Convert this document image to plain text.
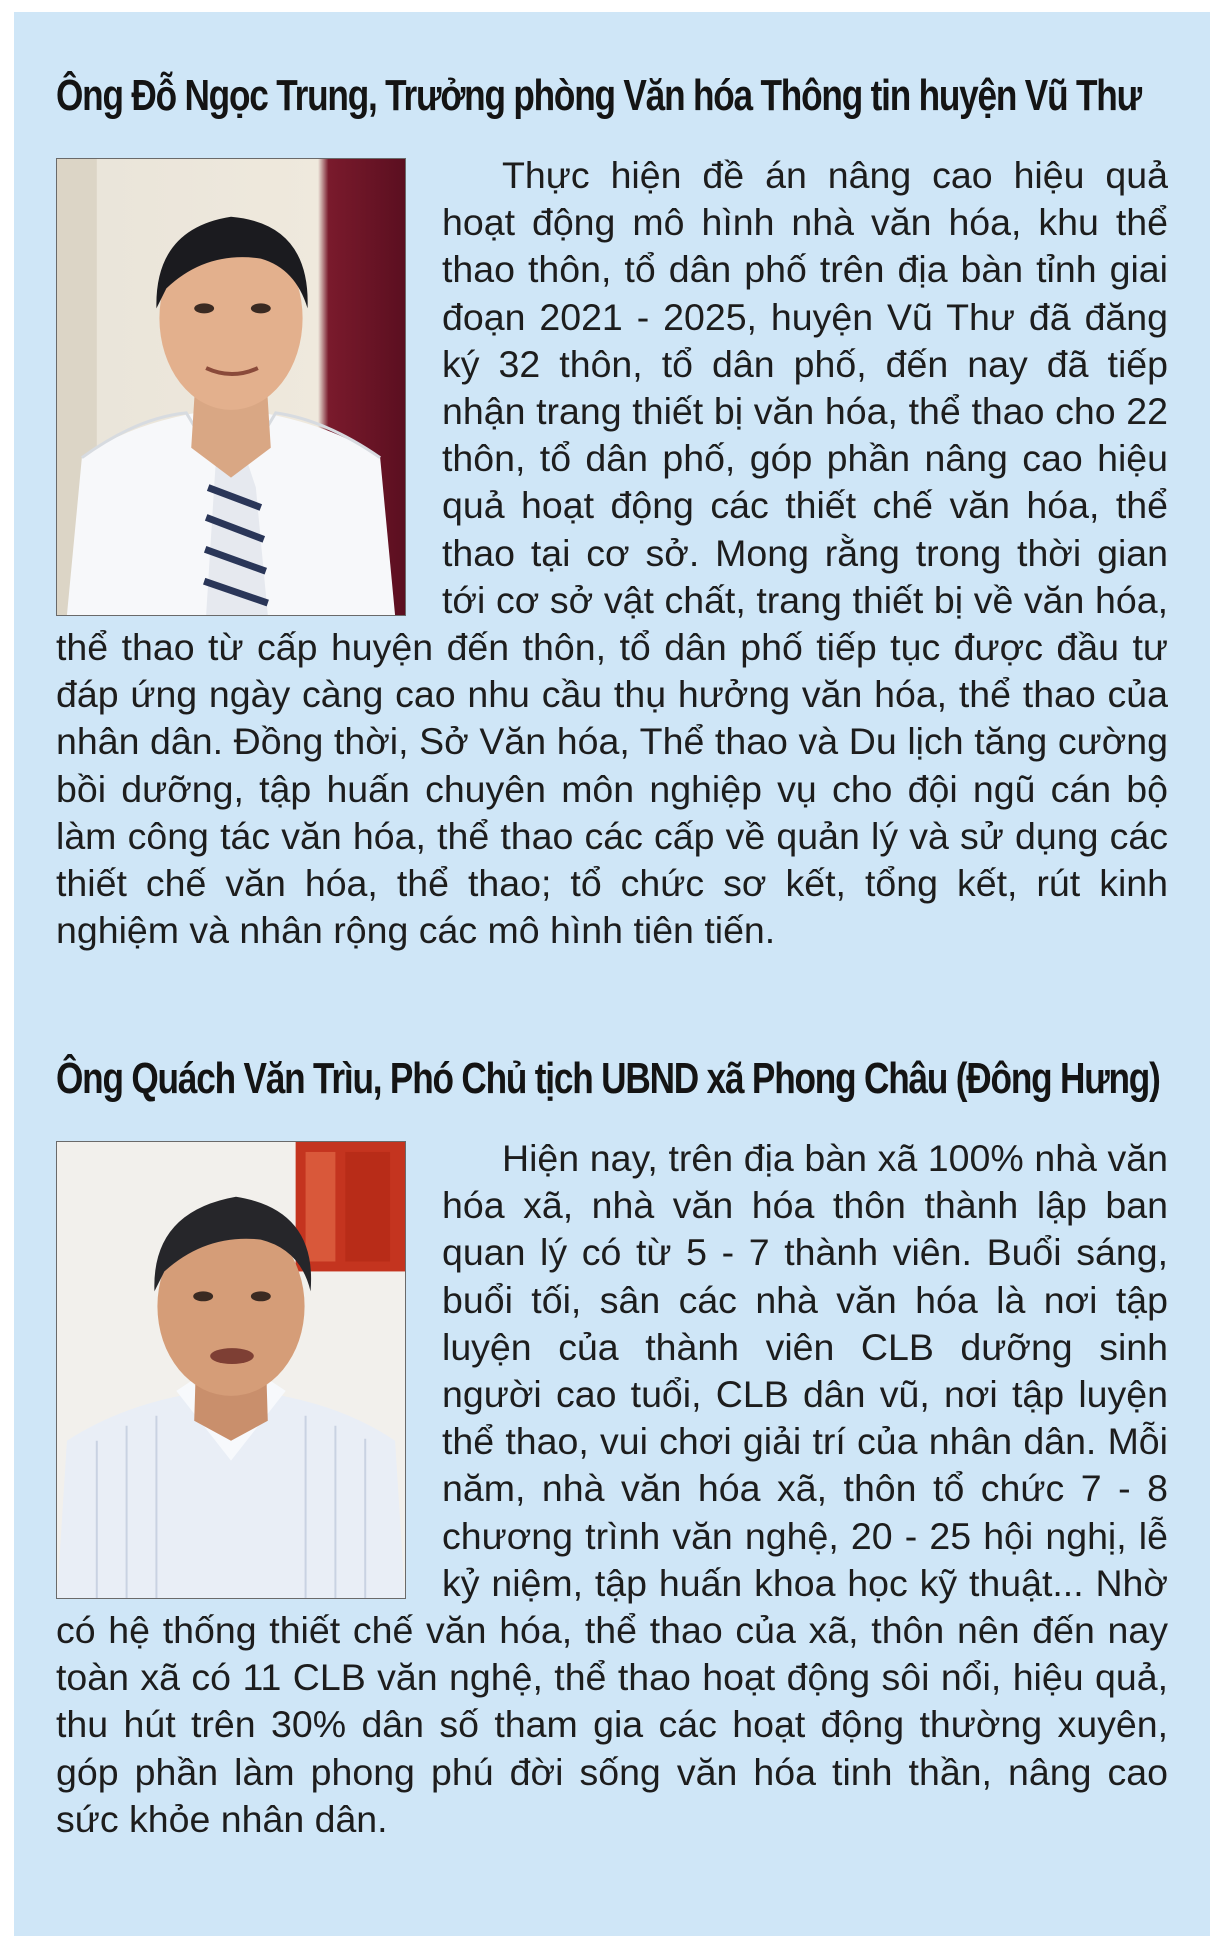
Ông Đỗ Ngọc Trung, Trưởng phòng Văn hóa Thông tin huyện Vũ Thư
Thực hiện đề án nâng cao hiệu quả hoạt động mô hình nhà văn hóa, khu thể thao thôn, tổ dân phố trên địa bàn tỉnh giai đoạn 2021 - 2025, huyện Vũ Thư đã đăng ký 32 thôn, tổ dân phố, đến nay đã tiếp nhận trang thiết bị văn hóa, thể thao cho 22 thôn, tổ dân phố, góp phần nâng cao hiệu quả hoạt động các thiết chế văn hóa, thể thao tại cơ sở. Mong rằng trong thời gian tới cơ sở vật chất, trang thiết bị về văn hóa, thể thao từ cấp huyện đến thôn, tổ dân phố tiếp tục được đầu tư đáp ứng ngày càng cao nhu cầu thụ hưởng văn hóa, thể thao của nhân dân. Đồng thời, Sở Văn hóa, Thể thao và Du lịch tăng cường bồi dưỡng, tập huấn chuyên môn nghiệp vụ cho đội ngũ cán bộ làm công tác văn hóa, thể thao các cấp về quản lý và sử dụng các thiết chế văn hóa, thể thao; tổ chức sơ kết, tổng kết, rút kinh nghiệm và nhân rộng các mô hình tiên tiến.
Ông Quách Văn Trìu, Phó Chủ tịch UBND xã Phong Châu (Đông Hưng)
Hiện nay, trên địa bàn xã 100% nhà văn hóa xã, nhà văn hóa thôn thành lập ban quan lý có từ 5 - 7 thành viên. Buổi sáng, buổi tối, sân các nhà văn hóa là nơi tập luyện của thành viên CLB dưỡng sinh người cao tuổi, CLB dân vũ, nơi tập luyện thể thao, vui chơi giải trí của nhân dân. Mỗi năm, nhà văn hóa xã, thôn tổ chức 7 - 8 chương trình văn nghệ, 20 - 25 hội nghị, lễ kỷ niệm, tập huấn khoa học kỹ thuật... Nhờ có hệ thống thiết chế văn hóa, thể thao của xã, thôn nên đến nay toàn xã có 11 CLB văn nghệ, thể thao hoạt động sôi nổi, hiệu quả, thu hút trên 30% dân số tham gia các hoạt động thường xuyên, góp phần làm phong phú đời sống văn hóa tinh thần, nâng cao sức khỏe nhân dân.
